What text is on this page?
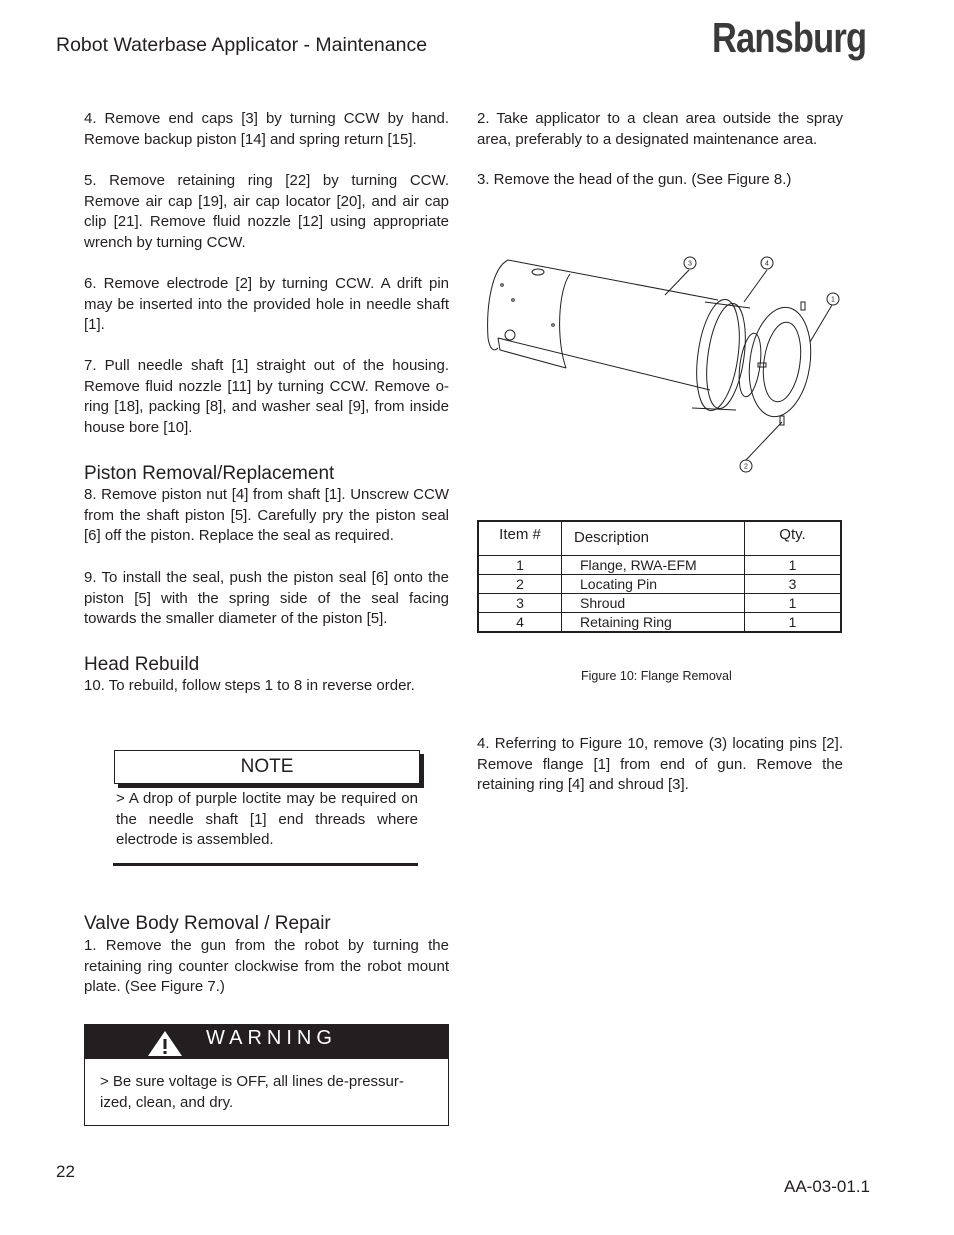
Robot Waterbase Applicator - Maintenance	Ransburg
4. Remove end caps [3] by turning CCW by hand. Remove backup piston [14] and spring return [15].
5. Remove retaining ring [22] by turning CCW. Remove air cap [19], air cap locator [20], and air cap clip [21]. Remove fluid nozzle [12] using appropriate wrench by turning CCW.
6. Remove electrode [2] by turning CCW. A drift pin may be inserted into the provided hole in needle shaft [1].
7. Pull needle shaft [1] straight out of the housing. Remove fluid nozzle [11] by turning CCW. Remove o-ring [18], packing [8], and washer seal [9], from inside house bore [10].
Piston Removal/Replacement
8. Remove piston nut [4] from shaft [1]. Unscrew CCW from the shaft piston [5]. Carefully pry the piston seal [6] off the piston. Replace the seal as required.
9. To install the seal, push the piston seal [6] onto the piston [5] with the spring side of the seal facing towards the smaller diameter of the piston [5].
Head Rebuild
10. To rebuild, follow steps 1 to 8 in reverse order.
NOTE
> A drop of purple loctite may be required on the needle shaft [1] end threads where electrode is assembled.
Valve Body Removal / Repair
1. Remove the gun from the robot by turning the retaining ring counter clockwise from the robot mount plate. (See Figure 7.)
WARNING
> Be sure voltage is OFF, all lines de-pressur-ized, clean, and dry.
2. Take applicator to a clean area outside the spray area, preferably to a designated maintenance area.
3. Remove the head of the gun. (See Figure 8.)
3	4
1
2
Item #	Description	Qty.
1	Flange, RWA-EFM	1
2	Locating Pin	3
3	Shroud	1
4	Retaining Ring	1
Figure 10: Flange Removal
4. Referring to Figure 10, remove (3) locating pins [2]. Remove flange [1] from end of gun. Remove the retaining ring [4] and shroud [3].
22
AA-03-01.1
